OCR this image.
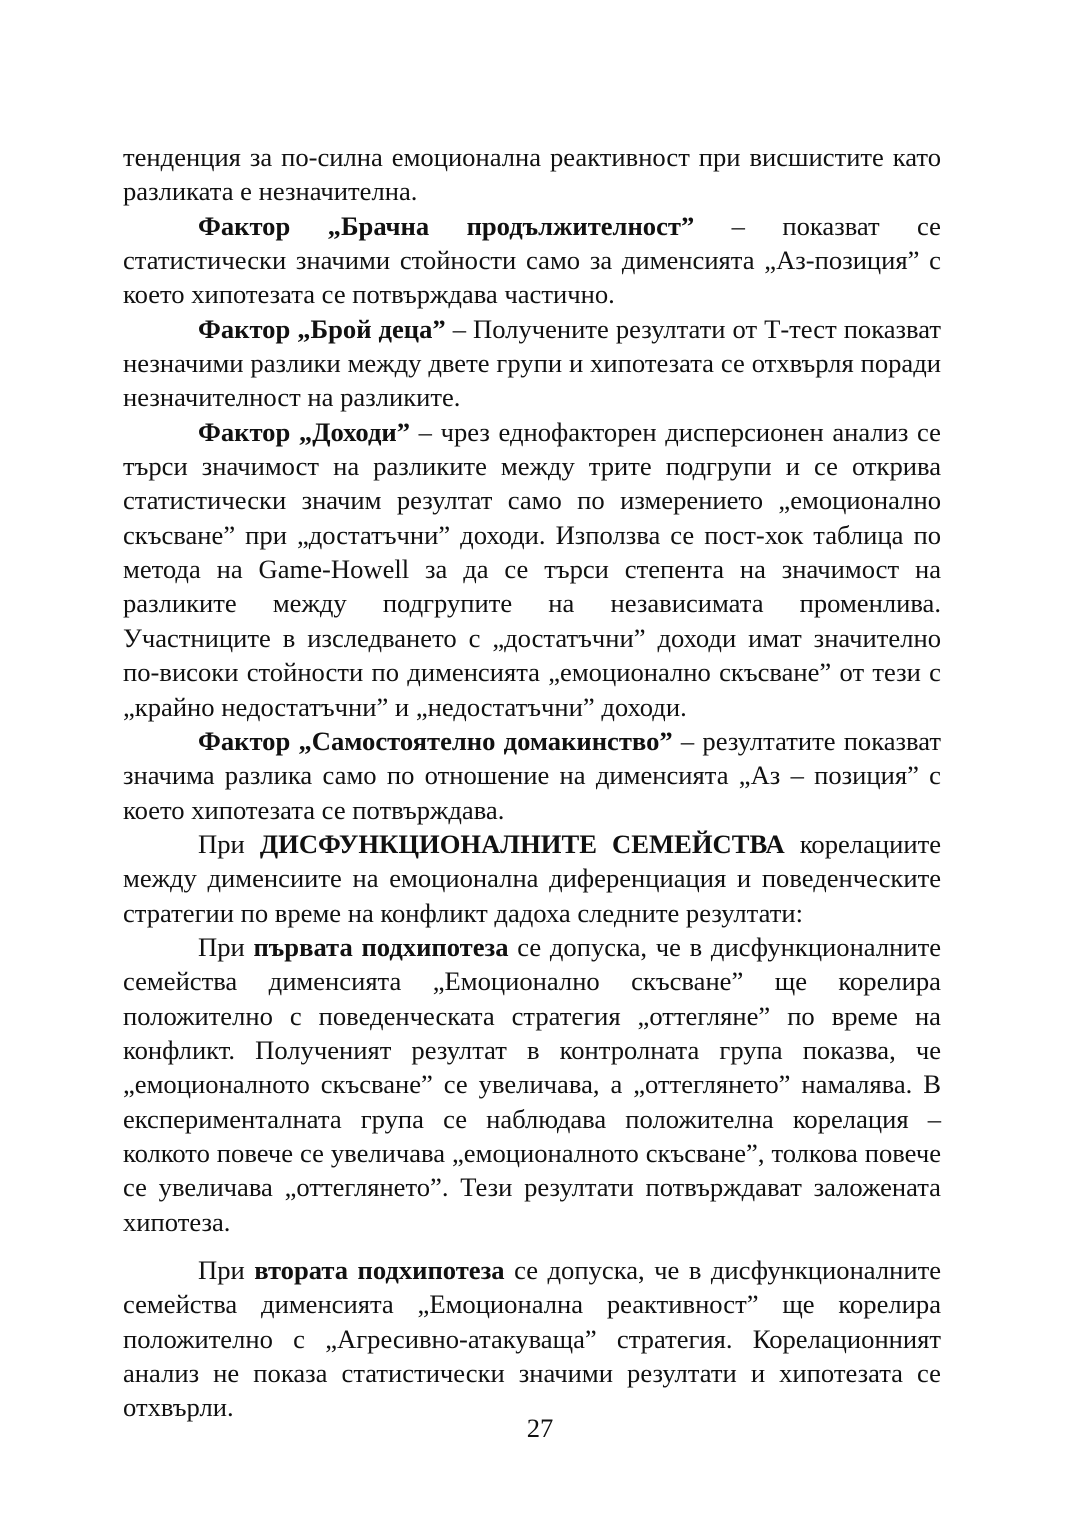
тенденция за по-силна емоционална реактивност при висшистите като разликата е незначителна.

Фактор „Брачна продължителност” – показват се статистически значими стойности само за дименсията „Аз-позиция” с което хипотезата се потвърждава частично.

Фактор „Брой деца” – Получените резултати от Т-тест показват незначими разлики между двете групи и хипотезата се отхвърля поради незначителност на разликите.

Фактор „Доходи” – чрез еднофакторен дисперсионен анализ се търси значимост на разликите между трите подгрупи и се открива статистически значим резултат само по измерението „емоционално скъсване” при „достатъчни” доходи. Използва се пост-хок таблица по метода на Game-Howell за да се търси степента на значимост на разликите между подгрупите на независимата променлива. Участниците в изследването с „достатъчни” доходи имат значително по-високи стойности по дименсията „емоционално скъсване” от тези с „крайно недостатъчни” и „недостатъчни” доходи.

Фактор „Самостоятелно домакинство” – резултатите показват значима разлика само по отношение на дименсията „Аз – позиция” с което хипотезата се потвърждава.

При ДИСФУНКЦИОНАЛНИТЕ СЕМЕЙСТВА корелациите между дименсиите на емоционална диференциация и поведенческите стратегии по време на конфликт дадоха следните резултати:

При първата подхипотеза се допуска, че в дисфункционалните семейства димeнсията „Емоционално скъсване” ще корелира положително с поведенческата стратегия „оттегляне” по време на конфликт. Полученият резултат в контролната група показва, че „емоционалното скъсване” се увеличава, а „оттеглянето” намалява. В експерименталната група се наблюдава положителна корелация – колкото повече се увеличава „емоционалното скъсване”, толкова повече се увеличава „оттеглянето”. Тези резултати потвърждават заложената хипотеза.

При втората подхипотеза се допуска, че в дисфункционалните семейства димeнсията „Емоционална реактивност” ще корелира положително с „Агресивно-атакуваща” стратегия. Корелационният анализ не показа статистически значими резултати и хипотезата се отхвърли.

27
